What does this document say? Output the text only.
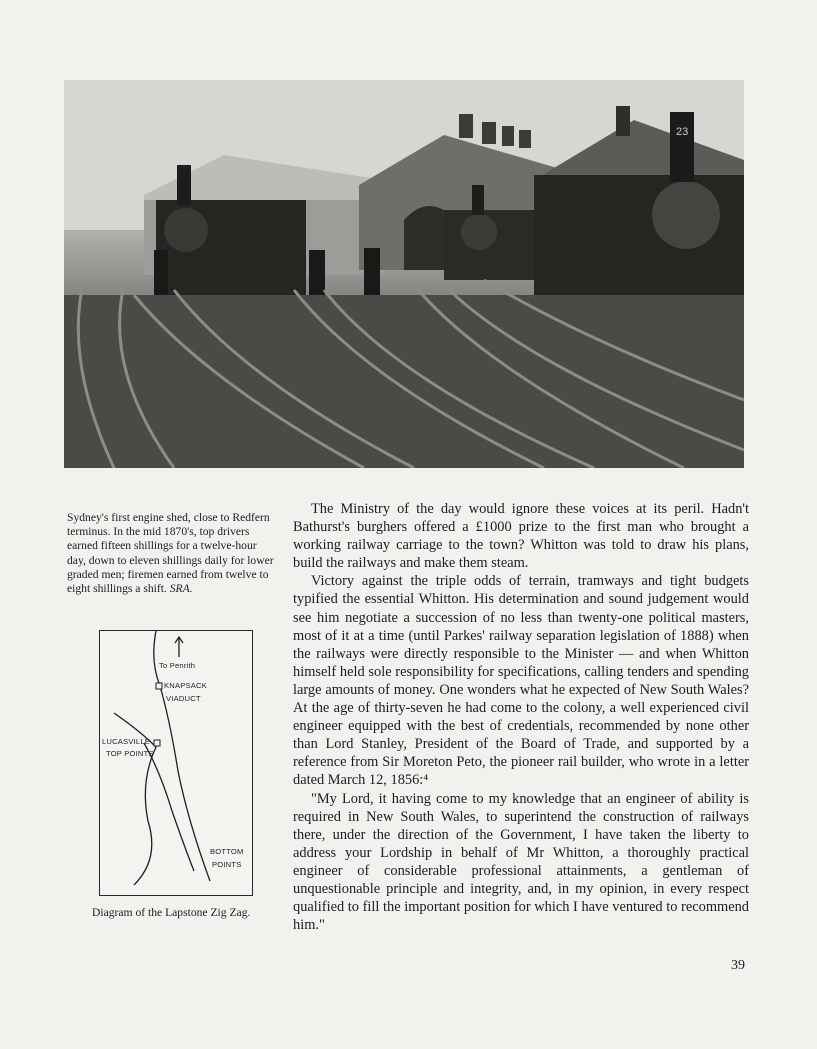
23
Sydney's first engine shed, close to Redfern terminus. In the mid 1870's, top drivers earned fifteen shillings for a twelve-hour day, down to eleven shillings daily for lower graded men; firemen earned from twelve to eight shillings a shift. SRA.
To Penrith
KNAPSACK
VIADUCT
LUCASVILLE
TOP POINTS
BOTTOM
POINTS
Diagram of the Lapstone Zig Zag.

The Ministry of the day would ignore these voices at its peril. Hadn't Bathurst's burghers offered a £1000 prize to the first man who brought a working railway carriage to the town? Whitton was told to draw his plans, build the railways and make them steam.

Victory against the triple odds of terrain, tramways and tight budgets typified the essential Whitton. His determination and sound judgement would see him negotiate a succession of no less than twenty-one political masters, most of it at a time (until Parkes' railway separation legislation of 1888) when the railways were directly responsible to the Minister — and when Whitton himself held sole responsibility for specifications, calling tenders and spending large amounts of money. One wonders what he expected of New South Wales? At the age of thirty-seven he had come to the colony, a well experienced civil engineer equipped with the best of credentials, recommended by none other than Lord Stanley, President of the Board of Trade, and supported by a reference from Sir Moreton Peto, the pioneer rail builder, who wrote in a letter dated March 12, 1856:⁴

"My Lord, it having come to my knowledge that an engineer of ability is required in New South Wales, to superintend the construction of railways there, under the direction of the Government, I have taken the liberty to address your Lordship in behalf of Mr Whitton, a thoroughly practical engineer of considerable professional attainments, a gentleman of unquestionable principle and integrity, and, in my opinion, in every respect qualified to fill the important position for which I have ventured to recommend him."

39
